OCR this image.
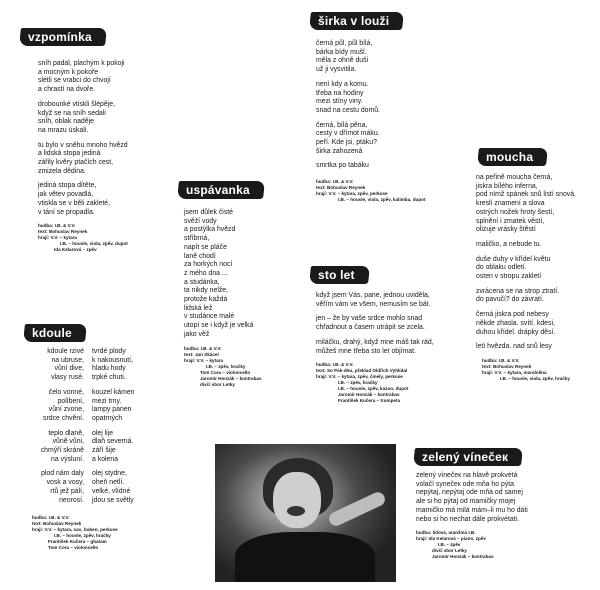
vzpomínka
sníh padal, plachým k pokoji
a mocným k pokoře
slétli se vrabci do chvojí
a chrastí na dvoře.
drobounké vtiskli šlépěje,
když se na sníh sedali
sníh, oblak naděje
na mrazu úskalí.
tu bylo v sněhu mnoho hvězd
a lidská stopa jediná
zářily kvěry ptačích cest,
zmizela dědina.
jediná stopa dítěte,
jak větev povadlá,
vtiskla se v běli zakleté,
v tání se propadla.
hudba: I.B. & V.V.
text: Bohuslav Reynek
hrají: V.V. – kytara
I.B. – housle, viola, zpěv, dupot
Ida Kelarová – zpěv
kdoule
kdoule rzivé
na ubruse,
vůní dive,
vlasy rusé.
čelo vonné,
políbení,
vůní zvone,
srdce chvění.
teplo dlaně,
vůně vůni,
chmýří skráně
na výsluní.
plod nám daly
vosk a vosy,
rtů jež pálí,
neorosí.
tvrdé plody
k nakousnutí,
hladu hody
trpké chuti.
kouzel kámen
mezi trny.
lampy panen
opatrných
olej lije
dlaň severná.
září šije
a kolena
olej stydne,
oheň netlí.
velké, vlídné
jdou se světly
hudba: I.B. & V.V.
text: Bohuslav Reynek
hrají: V.V. – kytara, sax, buben, perkuse
I.B. – housle, zpěv, hračky
František Kučera – ghatam
Tom Cora – violoncello
uspávanka
jsem důlek čisté
svěží vody
a postýlka hvězd
stříbrná,
napít se pláče
laně chodí
za horkých nocí
z mého dna ...
a studánka,
ta nikdy nelže,
protože každá
lidská lež
v studánce malé
utopí se i když je velká
jako věž
hudba: I.B. & V.V.
text: Jan Skácel
hrají: V.V. – kytara
I.B. – zpěv, hračky
Tom Cora – violoncello
Jaromír Honzák – kontrabas
dívčí sbor Letky
širka v louži
černá půl, půl bílá,
bárka bídy mušl.
měla z ohně duši
už ji vysvitila.
není kdy a komu.
třeba na hodiny
mezi stíny viny.
snad na cestu domů.
černá, bílá pěna,
cesty v dřímot máku.
peří. Kde jsi, ptáku?
širka zahozená
smrtka po tabáku
hudba: I.B. & V.V.
text: Bohuslav Reynek
hrají: V.V. – kytara, zpěv, perkuse
I.B. – housle, viola, zpěv, kalimba, dupot
sto let
když jsem Vás, pane, jednou uviděla,
věřím vám ve všem, nemusím se bát.
jen – že by vaše srdce mohlo snad
chřadnout a časem utrápit se zcela.
miláčku, drahý, když mne máš tak rád,
můžeš mne třeba sto let objímat.
hudba: I.B. & V.V.
text: So Pák-döu, překlad Oldřich Vyhlídal
hrají: V.V. – kytara, zpěv, činely, perkuse
I.B. – zpěv, hračky
I.B. – housle, zpěv, kazoo, dupot
Jaromír Honzák – kontrabas
František Kučera – trumpeta
moucha
na peřině moucha černá,
jiskra bílého inferna,
pod nímž spánek snů listí snová,
kreslí znamení a slova
ostrých nožek hroty šestí,
splnění i zmatek věstí,
olizuje vrásky štěstí
maličko, a nebude tu.
duše duhy v křídel květu
do oblaku odletí.
osten v stropu zakletí
zvrácena se na strop ztratí.
do pavučí? do závratí.
černá jiskra pod nebesy
někde zhasla. svítí. kdesi,
duhou křídel. drápky děsí.
letí hvězda. nad snů lesy
hudba: I.B. & V.V.
text: Bohuslav Reynek
hrají: V.V. – kytara, mandolína
I.B. – housle, viola, zpěv, hračky
zelený vínečeк
zelený vínečeк na hlavě prokvétá
volačí synečeк ode mňa ho pýta
nepýtaj, nepýtaj ode mňa od samej
ale si ho pýtaj od mamičky mojej
mamičko má milá mám–li mu ho dáti
nebo si ho nechat dále prokvétati.
hudba: lidová, aranžmá I.B.
hrají: Ida Kelarová – piano, zpěv
I.B. – zpěv
dívčí sbor Letky
Jaromír Honzák – kontrabas
